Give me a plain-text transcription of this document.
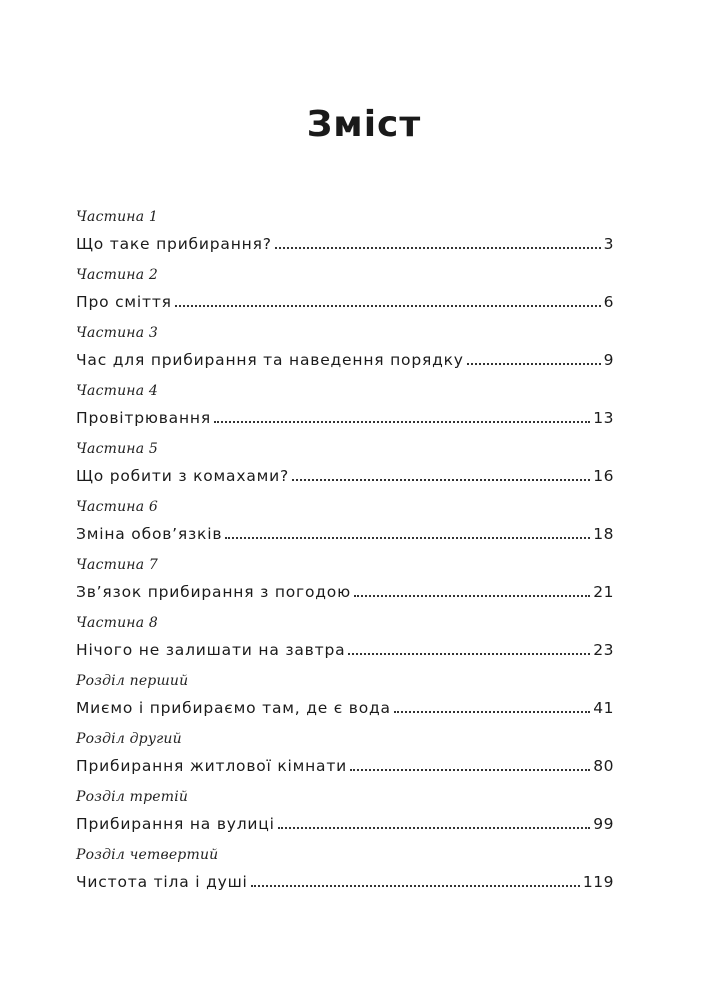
Зміст
Частина 1
Що таке прибирання?	3
Частина 2
Про сміття	6
Частина 3
Час для прибирання та наведення порядку	9
Частина 4
Провітрювання	13
Частина 5
Що робити з комахами?	16
Частина 6
Зміна обов’язків	18
Частина 7
Зв’язок прибирання з погодою	21
Частина 8
Нічого не залишати на завтра	23
Розділ перший
Миємо і прибираємо там, де є вода	41
Розділ другий
Прибирання житлової кімнати	80
Розділ третій
Прибирання на вулиці	99
Розділ четвертий
Чистота тіла і душі	119
